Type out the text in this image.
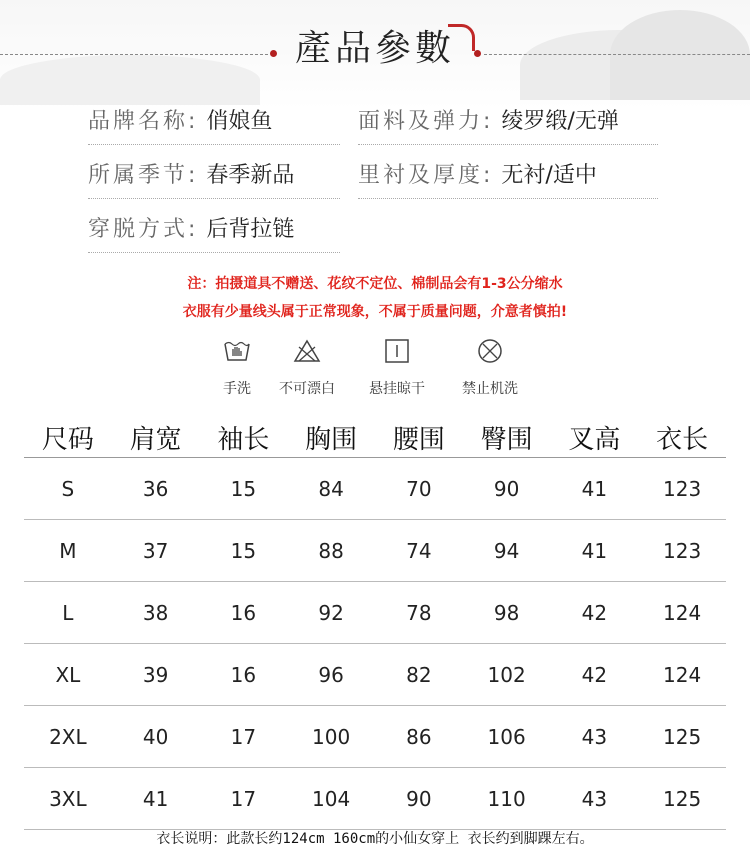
產品參數
品牌名称: 俏娘鱼	面料及弹力: 绫罗缎/无弹
所属季节: 春季新品	里衬及厚度: 无衬/适中
穿脱方式: 后背拉链
注：拍摄道具不赠送、花纹不定位、棉制品会有1-3公分缩水
衣服有少量线头属于正常现象，不属于质量问题，介意者慎拍!
手洗	不可漂白	悬挂晾干	禁止机洗
尺码	肩宽	袖长	胸围	腰围	臀围	叉高	衣长
S	36	15	84	70	90	41	123
M	37	15	88	74	94	41	123
L	38	16	92	78	98	42	124
XL	39	16	96	82	102	42	124
2XL	40	17	100	86	106	43	125
3XL	41	17	104	90	110	43	125
衣长说明：此款长约124cm 160cm的小仙女穿上 衣长约到脚踝左右。
